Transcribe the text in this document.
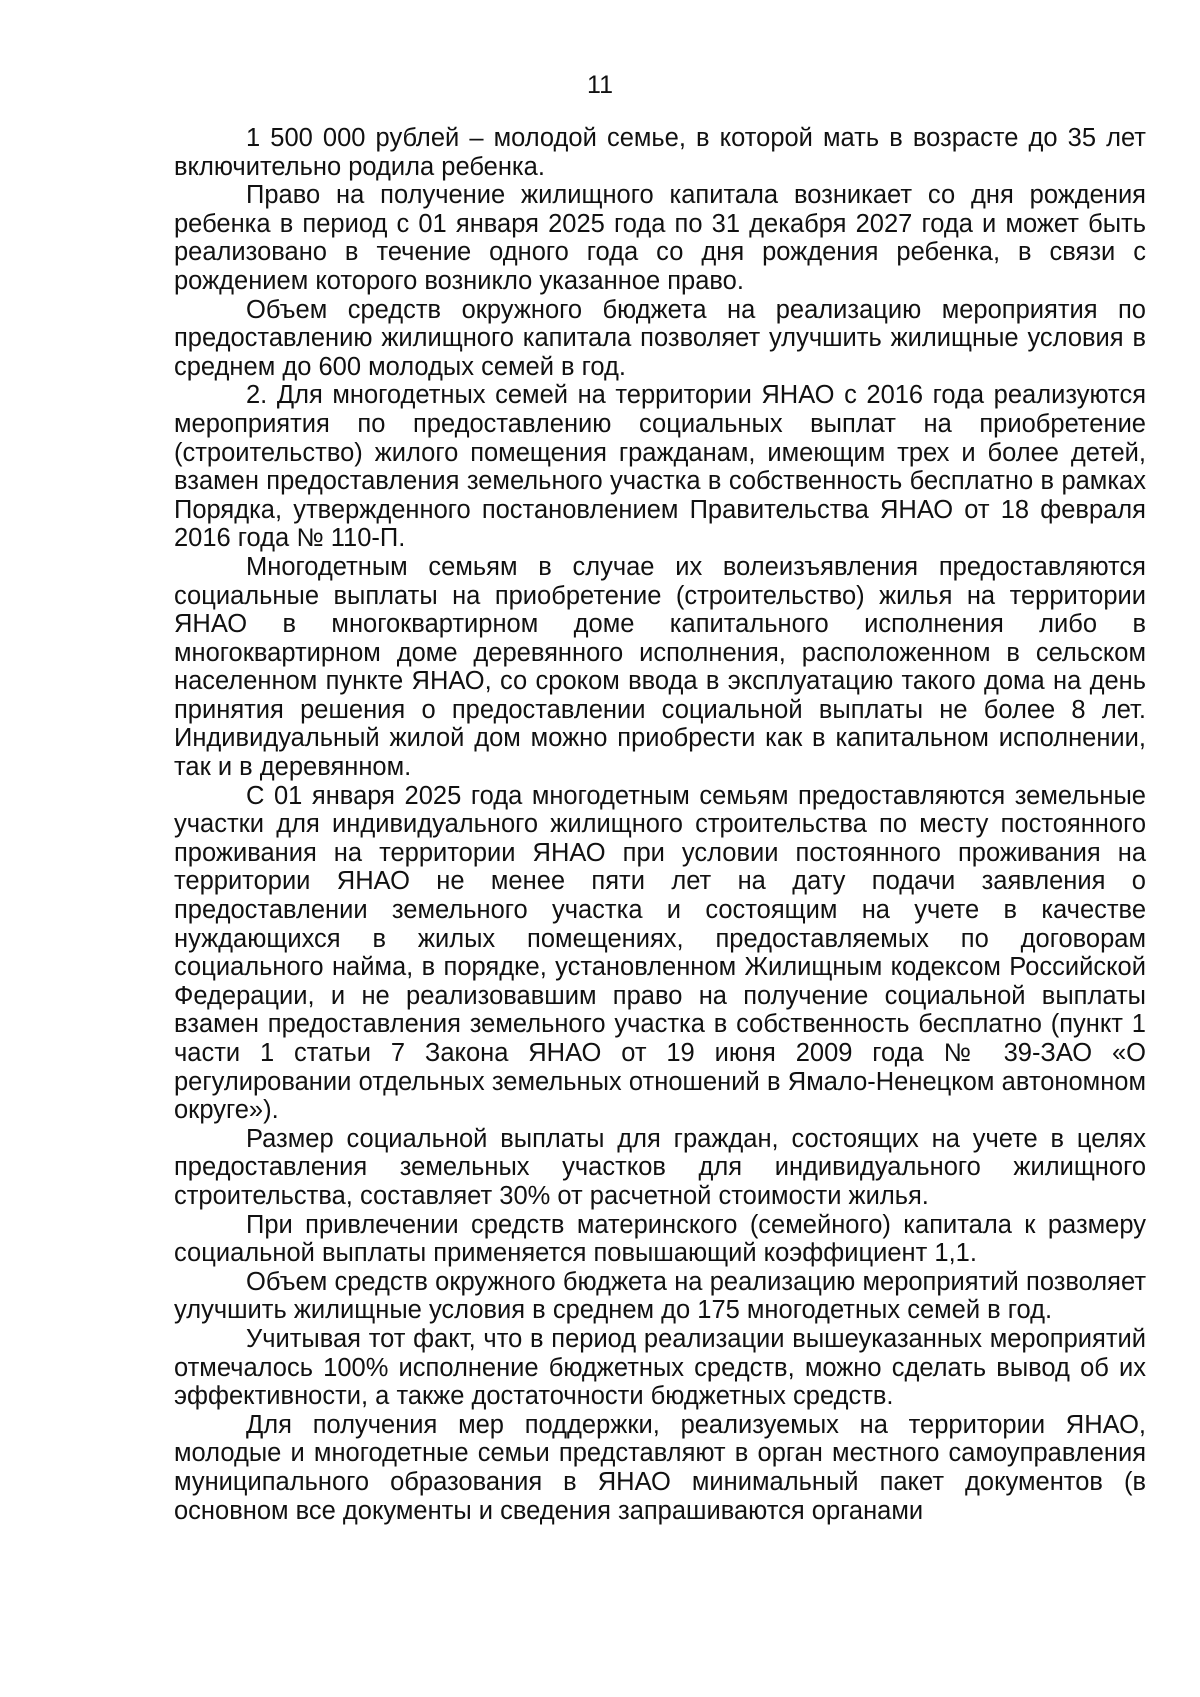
11

1 500 000 рублей – молодой семье, в которой мать в возрасте до 35 лет включительно родила ребенка.

Право на получение жилищного капитала возникает со дня рождения ребенка в период с 01 января 2025 года по 31 декабря 2027 года и может быть реализовано в течение одного года со дня рождения ребенка, в связи с рождением которого возникло указанное право.

Объем средств окружного бюджета на реализацию мероприятия по предоставлению жилищного капитала позволяет улучшить жилищные условия в среднем до 600 молодых семей в год.

2. Для многодетных семей на территории ЯНАО с 2016 года реализуются мероприятия по предоставлению социальных выплат на приобретение (строительство) жилого помещения гражданам, имеющим трех и более детей, взамен предоставления земельного участка в собственность бесплатно в рамках Порядка, утвержденного постановлением Правительства ЯНАО от 18 февраля 2016 года № 110-П.

Многодетным семьям в случае их волеизъявления предоставляются социальные выплаты на приобретение (строительство) жилья на территории ЯНАО в многоквартирном доме капитального исполнения либо в многоквартирном доме деревянного исполнения, расположенном в сельском населенном пункте ЯНАО, со сроком ввода в эксплуатацию такого дома на день принятия решения о предоставлении социальной выплаты не более 8 лет. Индивидуальный жилой дом можно приобрести как в капитальном исполнении, так и в деревянном.

С 01 января 2025 года многодетным семьям предоставляются земельные участки для индивидуального жилищного строительства по месту постоянного проживания на территории ЯНАО при условии постоянного проживания на территории ЯНАО не менее пяти лет на дату подачи заявления о предоставлении земельного участка и состоящим на учете в качестве нуждающихся в жилых помещениях, предоставляемых по договорам социального найма, в порядке, установленном Жилищным кодексом Российской Федерации, и не реализовавшим право на получение социальной выплаты взамен предоставления земельного участка в собственность бесплатно (пункт 1 части 1 статьи 7 Закона ЯНАО от 19 июня 2009 года № 39-ЗАО «О регулировании отдельных земельных отношений в Ямало-Ненецком автономном округе»).

Размер социальной выплаты для граждан, состоящих на учете в целях предоставления земельных участков для индивидуального жилищного строительства, составляет 30% от расчетной стоимости жилья.

При привлечении средств материнского (семейного) капитала к размеру социальной выплаты применяется повышающий коэффициент 1,1.

Объем средств окружного бюджета на реализацию мероприятий позволяет улучшить жилищные условия в среднем до 175 многодетных семей в год.

Учитывая тот факт, что в период реализации вышеуказанных мероприятий отмечалось 100% исполнение бюджетных средств, можно сделать вывод об их эффективности, а также достаточности бюджетных средств.

Для получения мер поддержки, реализуемых на территории ЯНАО, молодые и многодетные семьи представляют в орган местного самоуправления муниципального образования в ЯНАО минимальный пакет документов (в основном все документы и сведения запрашиваются органами
